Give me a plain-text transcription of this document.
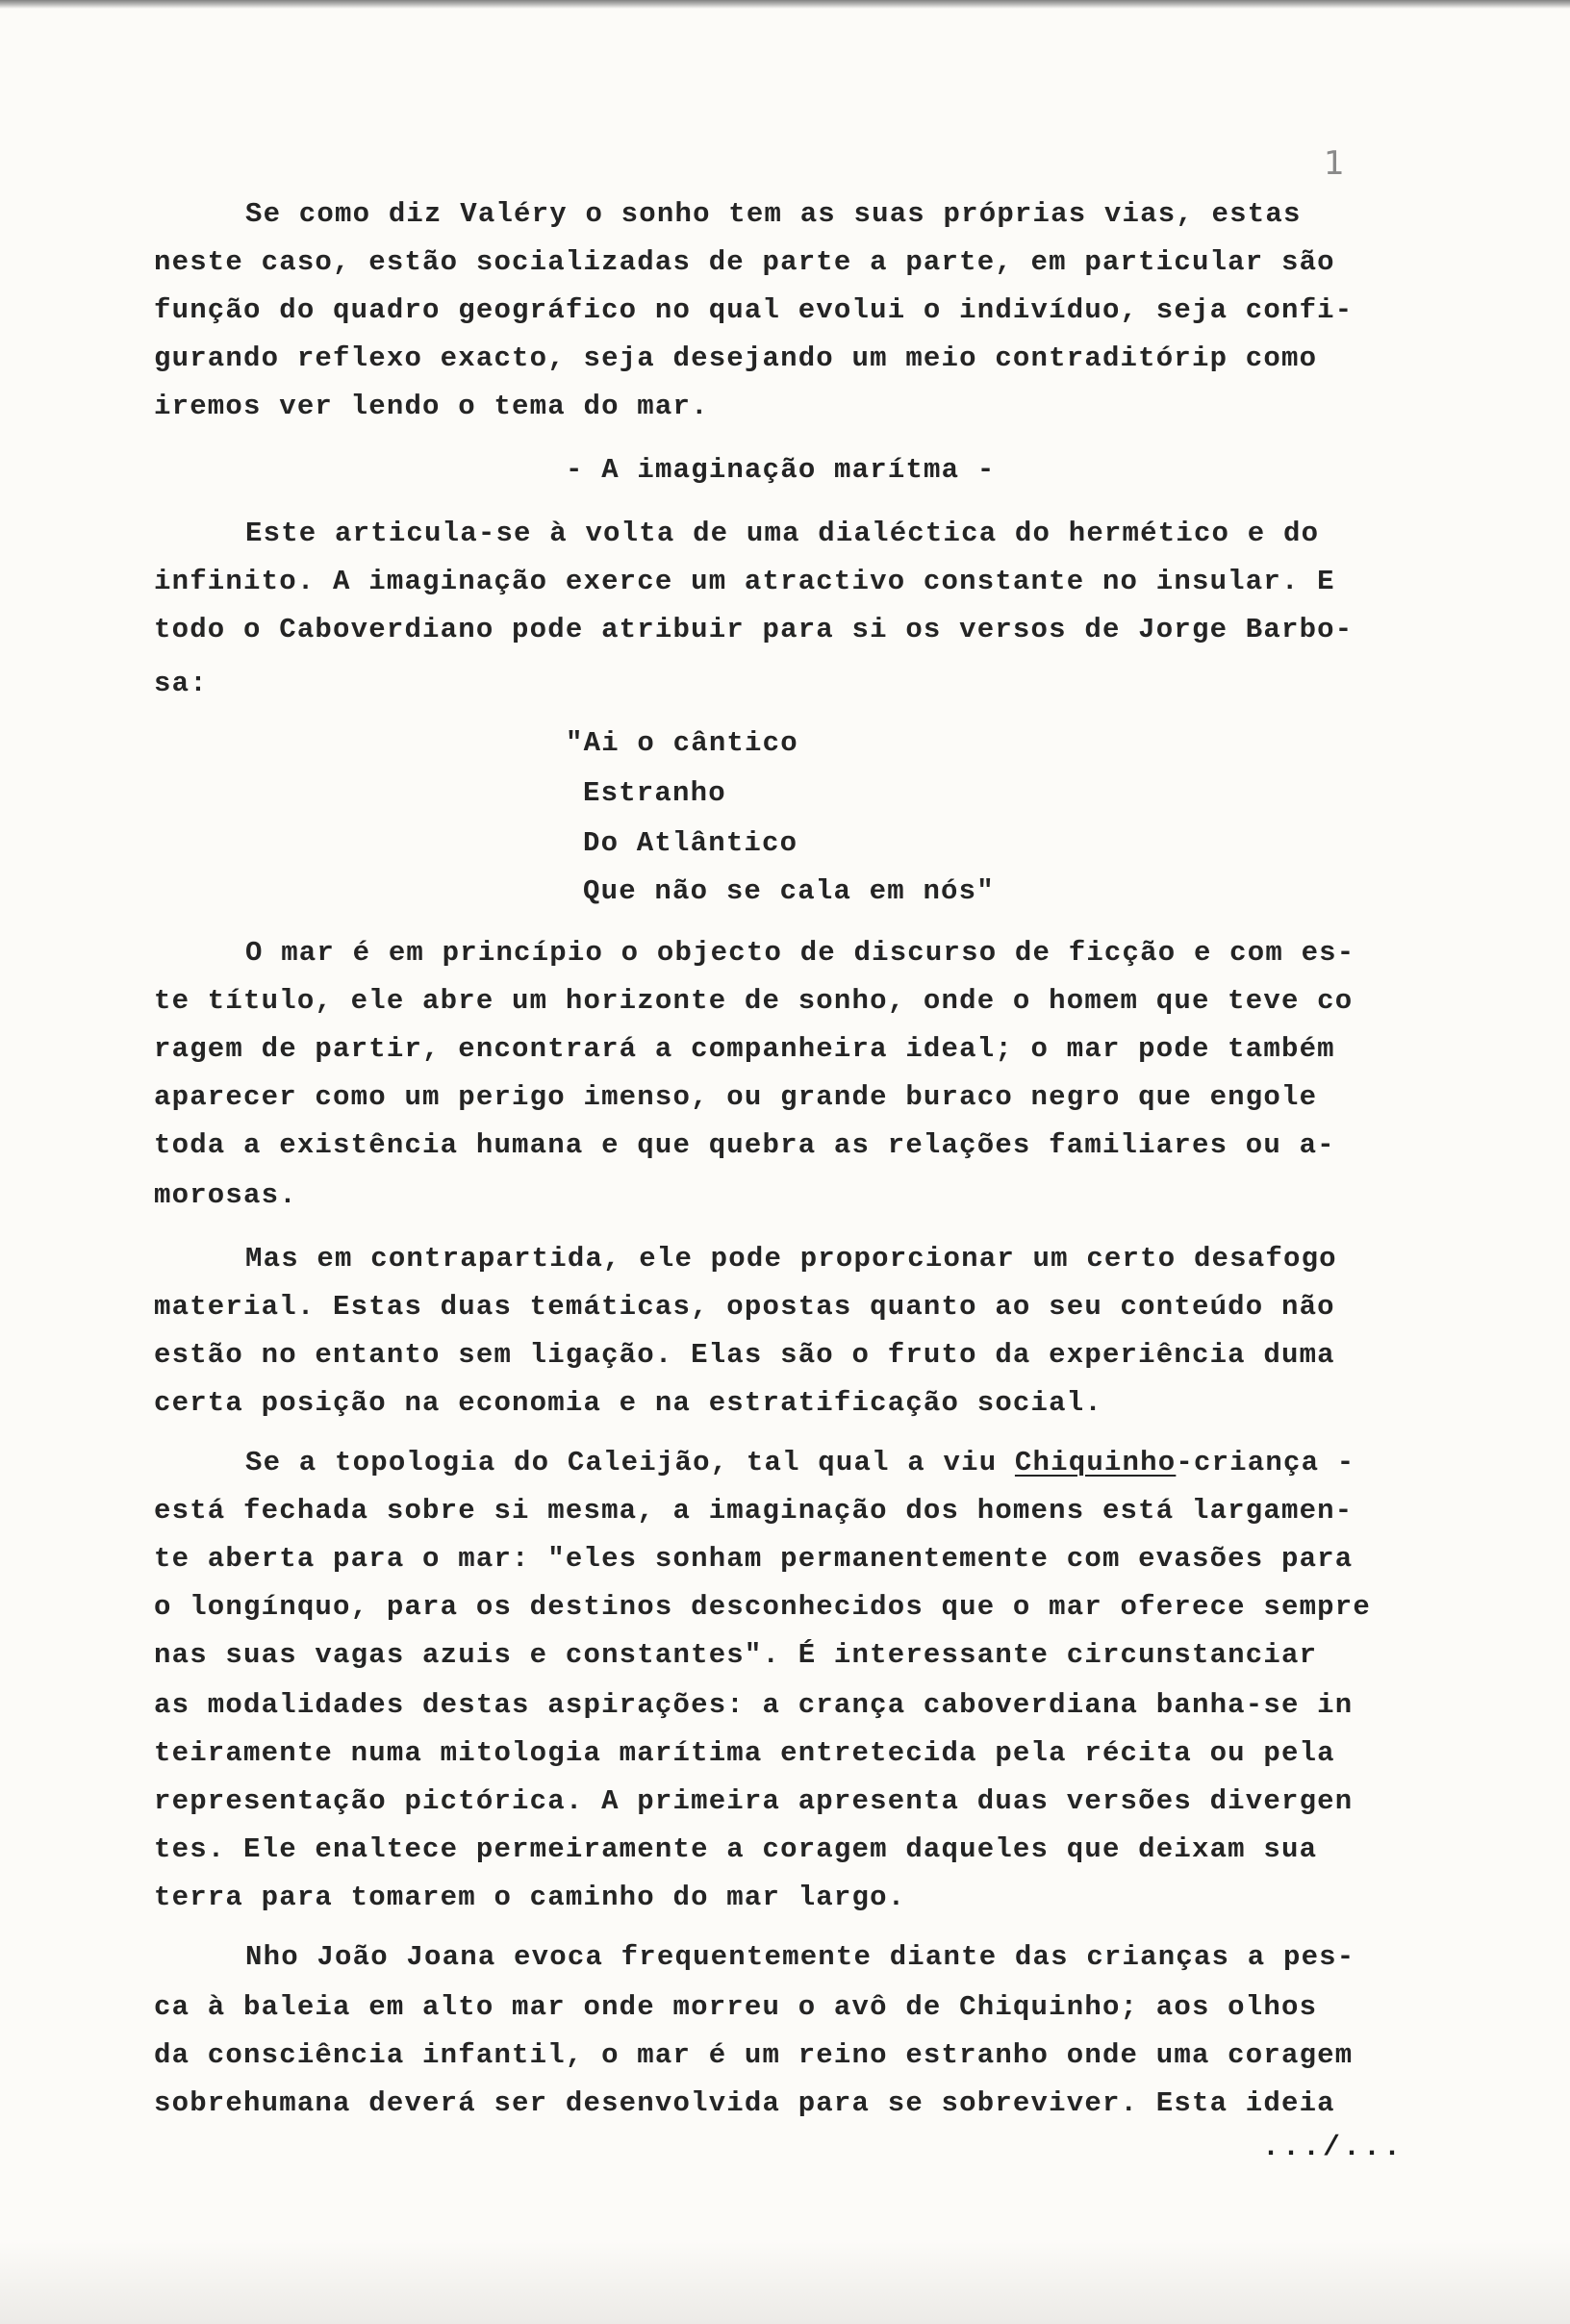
1
Se como diz Valéry o sonho tem as suas próprias vias, estas
neste caso, estão socializadas de parte a parte, em particular são
função do quadro geográfico no qual evolui o indivíduo, seja confi-
gurando reflexo exacto, seja desejando um meio contraditórip como
iremos ver lendo o tema do mar.
- A imaginação marítma -
Este articula-se à volta de uma dialéctica do hermético e do
infinito. A imaginação exerce um atractivo constante no insular. E
todo o Caboverdiano pode atribuir para si os versos de Jorge Barbo-
sa:
"Ai o cântico
Estranho
Do Atlântico
Que não se cala em nós"
O mar é em princípio o objecto de discurso de ficção e com es-
te título, ele abre um horizonte de sonho, onde o homem que teve co
ragem de partir, encontrará a companheira ideal; o mar pode também
aparecer como um perigo imenso, ou grande buraco negro que engole
toda a existência humana e que quebra as relações familiares ou a-
morosas.
Mas em contrapartida, ele pode proporcionar um certo desafogo
material. Estas duas temáticas, opostas quanto ao seu conteúdo não
estão no entanto sem ligação. Elas são o fruto da experiência duma
certa posição na economia e na estratificação social.
Se a topologia do Caleijão, tal qual a viu Chiquinho-criança -
está fechada sobre si mesma, a imaginação dos homens está largamen-
te aberta para o mar: "eles sonham permanentemente com evasões para
o longínquo, para os destinos desconhecidos que o mar oferece sempre
nas suas vagas azuis e constantes". É interessante circunstanciar
as modalidades destas aspirações: a crança caboverdiana banha-se in
teiramente numa mitologia marítima entretecida pela récita ou pela
representação pictórica. A primeira apresenta duas versões divergen
tes. Ele enaltece permeiramente a coragem daqueles que deixam sua
terra para tomarem o caminho do mar largo.
Nho João Joana evoca frequentemente diante das crianças a pes-
ca à baleia em alto mar onde morreu o avô de Chiquinho; aos olhos
da consciência infantil, o mar é um reino estranho onde uma coragem
sobrehumana deverá ser desenvolvida para se sobreviver. Esta ideia
.../...
